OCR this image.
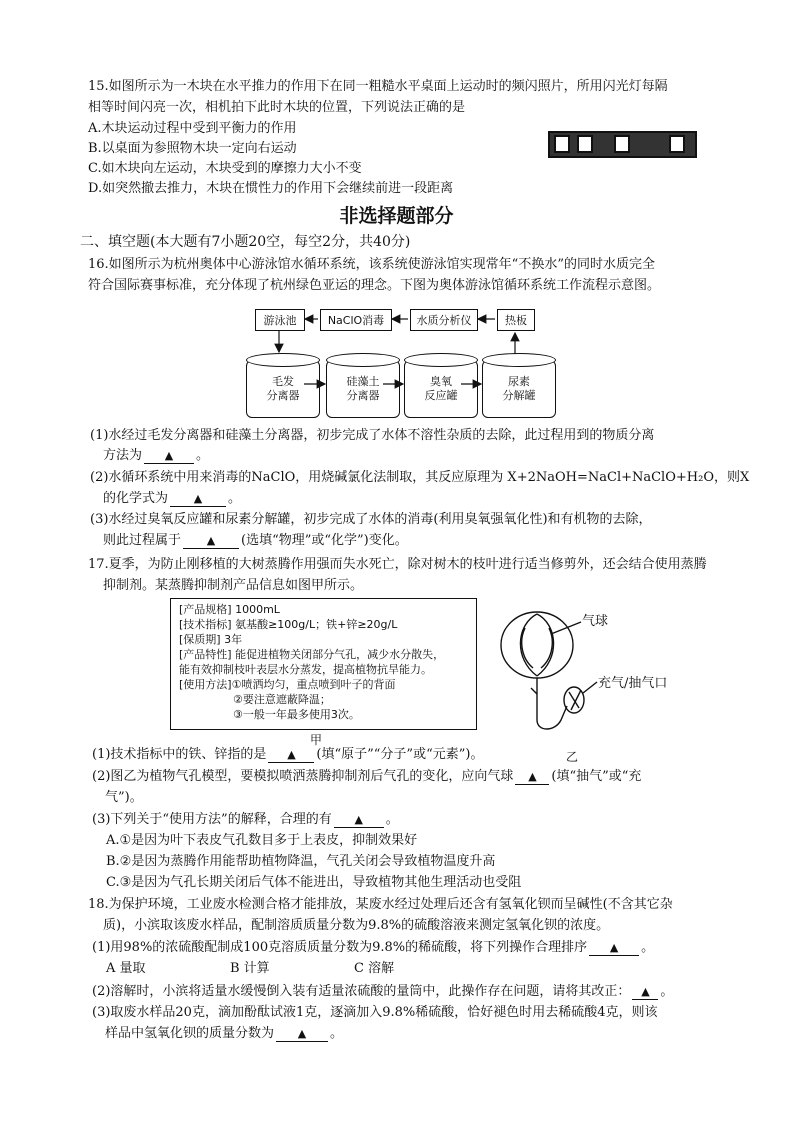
15.如图所示为一木块在水平推力的作用下在同一粗糙水平桌面上运动时的频闪照片，所用闪光灯每隔
相等时间闪亮一次，相机拍下此时木块的位置，下列说法正确的是
A.木块运动过程中受到平衡力的作用
B.以桌面为参照物木块一定向右运动
C.如木块向左运动，木块受到的摩擦力大小不变
D.如突然撤去推力，木块在惯性力的作用下会继续前进一段距离
非选择题部分
二、填空题(本大题有7小题20空，每空2分，共40分)
16.如图所示为杭州奥体中心游泳馆水循环系统，该系统使游泳馆实现常年“不换水”的同时水质完全
符合国际赛事标准，充分体现了杭州绿色亚运的理念。下图为奥体游泳馆循环系统工作流程示意图。
游泳池	NaClO消毒	水质分析仪	热板
毛发
分离器
硅藻土
分离器
臭氧
反应罐
尿素
分解罐
(1)水经过毛发分离器和硅藻土分离器，初步完成了水体不溶性杂质的去除，此过程用到的物质分离
方法为 ▲ 。
(2)水循环系统中用来消毒的NaClO，用烧碱氯化法制取，其反应原理为 X+2NaOH=NaCl+NaClO+H₂O，则X
的化学式为 ▲ 。
(3)水经过臭氧反应罐和尿素分解罐，初步完成了水体的消毒(利用臭氧强氧化性)和有机物的去除，
则此过程属于 ▲ (选填“物理”或“化学”)变化。
17.夏季，为防止刚移植的大树蒸腾作用强而失水死亡，除对树木的枝叶进行适当修剪外，还会结合使用蒸腾
抑制剂。某蒸腾抑制剂产品信息如图甲所示。
[产品规格] 1000mL
[技术指标] 氨基酸≥100g/L；铁+锌≥20g/L
[保质期] 3年
[产品特性] 能促进植物关闭部分气孔，减少水分散失，
能有效抑制枝叶表层水分蒸发，提高植物抗旱能力。
[使用方法]①喷洒均匀，重点喷到叶子的背面
②要注意遮蔽降温；
③一般一年最多使用3次。
甲
气球
充气/抽气口
乙
(1)技术指标中的铁、锌指的是 ▲ (填“原子”“分子”或“元素”)。
(2)图乙为植物气孔模型，要模拟喷洒蒸腾抑制剂后气孔的变化，应向气球 ▲ (填“抽气”或“充
气”)。
(3)下列关于“使用方法”的解释，合理的有 ▲ 。
A.①是因为叶下表皮气孔数目多于上表皮，抑制效果好
B.②是因为蒸腾作用能帮助植物降温，气孔关闭会导致植物温度升高
C.③是因为气孔长期关闭后气体不能进出，导致植物其他生理活动也受阻
18.为保护环境，工业废水检测合格才能排放，某废水经过处理后还含有氢氧化钡而呈碱性(不含其它杂
质)，小滨取该废水样品，配制溶质质量分数为9.8%的硫酸溶液来测定氢氧化钡的浓度。
(1)用98%的浓硫酸配制成100克溶质质量分数为9.8%的稀硫酸，将下列操作合理排序 ▲ 。
A 量取	B 计算	C 溶解
(2)溶解时，小滨将适量水缓慢倒入装有适量浓硫酸的量筒中，此操作存在问题，请将其改正： ▲ 。
(3)取废水样品20克，滴加酚酞试液1克，逐滴加入9.8%稀硫酸，恰好褪色时用去稀硫酸4克，则该
样品中氢氧化钡的质量分数为 ▲ 。
